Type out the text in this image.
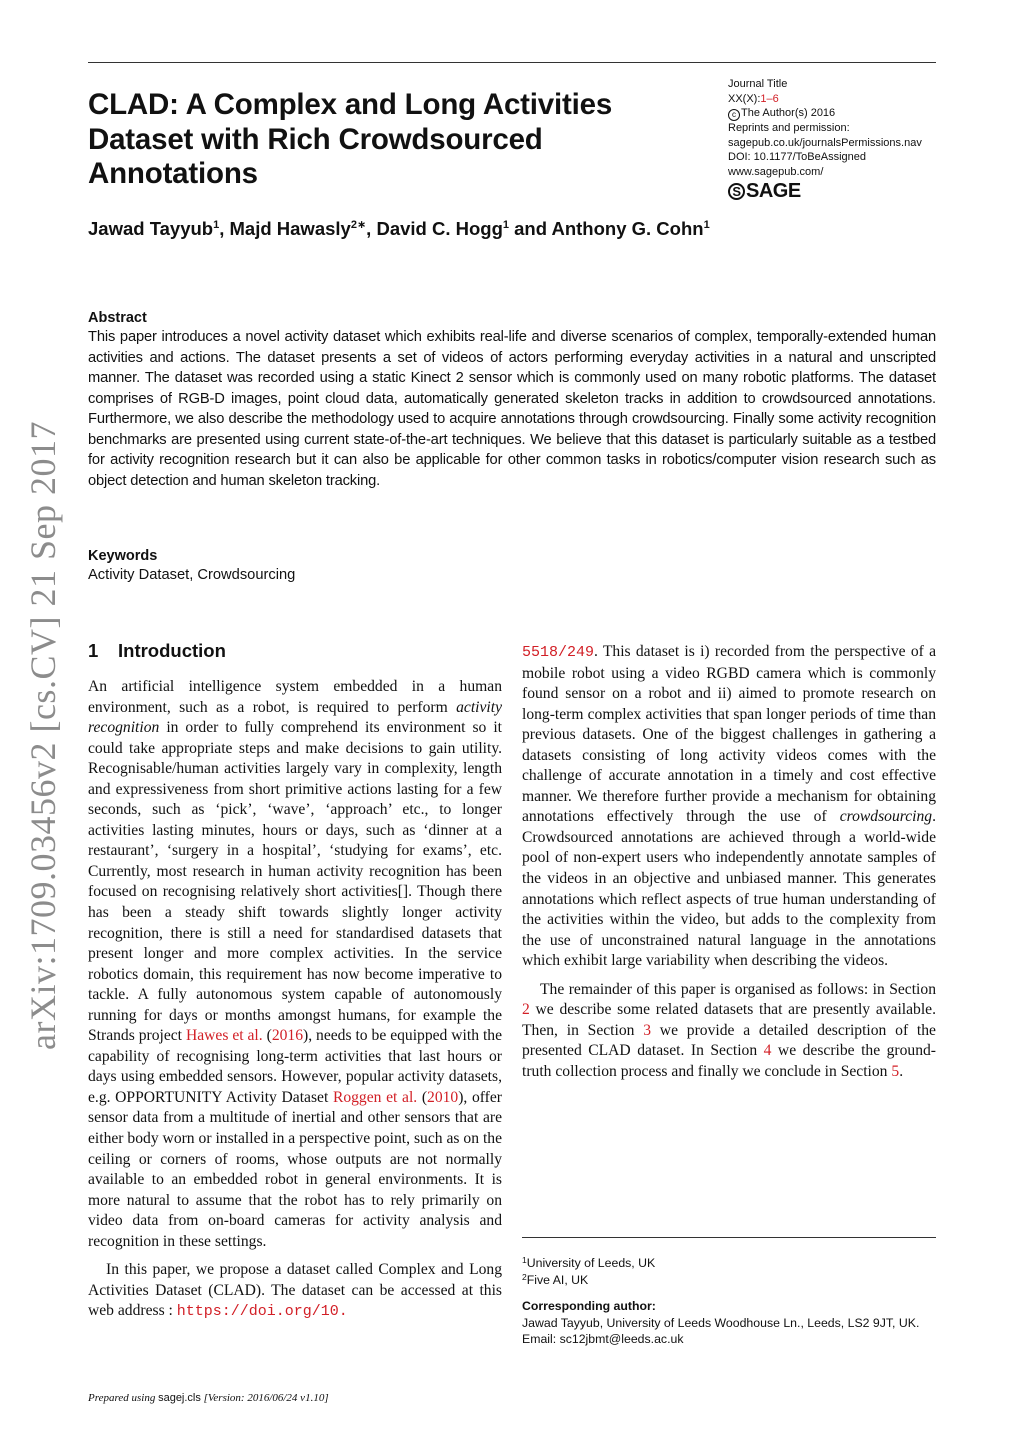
CLAD: A Complex and Long Activities Dataset with Rich Crowdsourced Annotations

Jawad Tayyub$^1$, Majd Hawasly$^{2∗}$, David C. Hogg$^1$ and Anthony G. Cohn$^1$

Journal Title
XX(X):1–6
c The Author(s) 2016
Reprints and permission:
sagepub.co.uk/journalsPermissions.nav
DOI: 10.1177/ToBeAssigned
www.sagepub.com/
S SAGE

Abstract

This paper introduces a novel activity dataset which exhibits real-life and diverse scenarios of complex, temporally-extended human activities and actions. The dataset presents a set of videos of actors performing everyday activities in a natural and unscripted manner. The dataset was recorded using a static Kinect 2 sensor which is commonly used on many robotic platforms. The dataset comprises of RGB-D images, point cloud data, automatically generated skeleton tracks in addition to crowdsourced annotations. Furthermore, we also describe the methodology used to acquire annotations through crowdsourcing. Finally some activity recognition benchmarks are presented using current state-of-the-art techniques. We believe that this dataset is particularly suitable as a testbed for activity recognition research but it can also be applicable for other common tasks in robotics/computer vision research such as object detection and human skeleton tracking.

Keywords

Activity Dataset, Crowdsourcing

arXiv:1709.03456v2 [cs.CV] 21 Sep 2017 1 Introduction

An artificial intelligence system embedded in a human environment, such as a robot, is required to perform activity recognition in order to fully comprehend its environment so it could take appropriate steps and make decisions to gain utility. Recognisable/human activities largely vary in complexity, length and expressiveness from short primitive actions lasting for a few seconds, such as ‘pick’, ‘wave’, ‘approach’ etc., to longer activities lasting minutes, hours or days, such as ‘dinner at a restaurant’, ‘surgery in a hospital’, ‘studying for exams’, etc. Currently, most research in human activity recognition has been focused on recognising relatively short activities[]. Though there has been a steady shift towards slightly longer activity recognition, there is still a need for standardised datasets that present longer and more complex activities. In the service robotics domain, this requirement has now become imperative to tackle. A fully autonomous system capable of autonomously running for days or months amongst humans, for example the Strands project Hawes et al. (2016), needs to be equipped with the capability of recognising long-term activities that last hours or days using embedded sensors. However, popular activity datasets, e.g. OPPORTUNITY Activity Dataset Roggen et al. (2010), offer sensor data from a multitude of inertial and other sensors that are either body worn or installed in a perspective point, such as on the ceiling or corners of rooms, whose outputs are not normally available to an embedded robot in general environments. It is more natural to assume that the robot has to rely primarily on video data from on-board cameras for activity analysis and recognition in these settings.

In this paper, we propose a dataset called Complex and Long Activities Dataset (CLAD). The dataset can be accessed at this web address : https://doi.org/10.

5518/249. This dataset is i) recorded from the perspective of a mobile robot using a video RGBD camera which is commonly found sensor on a robot and ii) aimed to promote research on long-term complex activities that span longer periods of time than previous datasets. One of the biggest challenges in gathering a datasets consisting of long activity videos comes with the challenge of accurate annotation in a timely and cost effective manner. We therefore further provide a mechanism for obtaining annotations effectively through the use of crowdsourcing. Crowdsourced annotations are achieved through a world-wide pool of non-expert users who independently annotate samples of the videos in an objective and unbiased manner. This generates annotations which reflect aspects of true human understanding of the activities within the video, but adds to the complexity from the use of unconstrained natural language in the annotations which exhibit large variability when describing the videos.

The remainder of this paper is organised as follows: in Section 2 we describe some related datasets that are presently available. Then, in Section 3 we provide a detailed description of the presented CLAD dataset. In Section 4 we describe the ground-truth collection process and finally we conclude in Section 5.

$^1$University of Leeds, UK
$^2$Five AI, UK
Corresponding author:
Jawad Tayyub, University of Leeds Woodhouse Ln., Leeds, LS2 9JT, UK.
Email: sc12jbmt@leeds.ac.uk
Prepared using sagej.cls [Version: 2016/06/24 v1.10]
